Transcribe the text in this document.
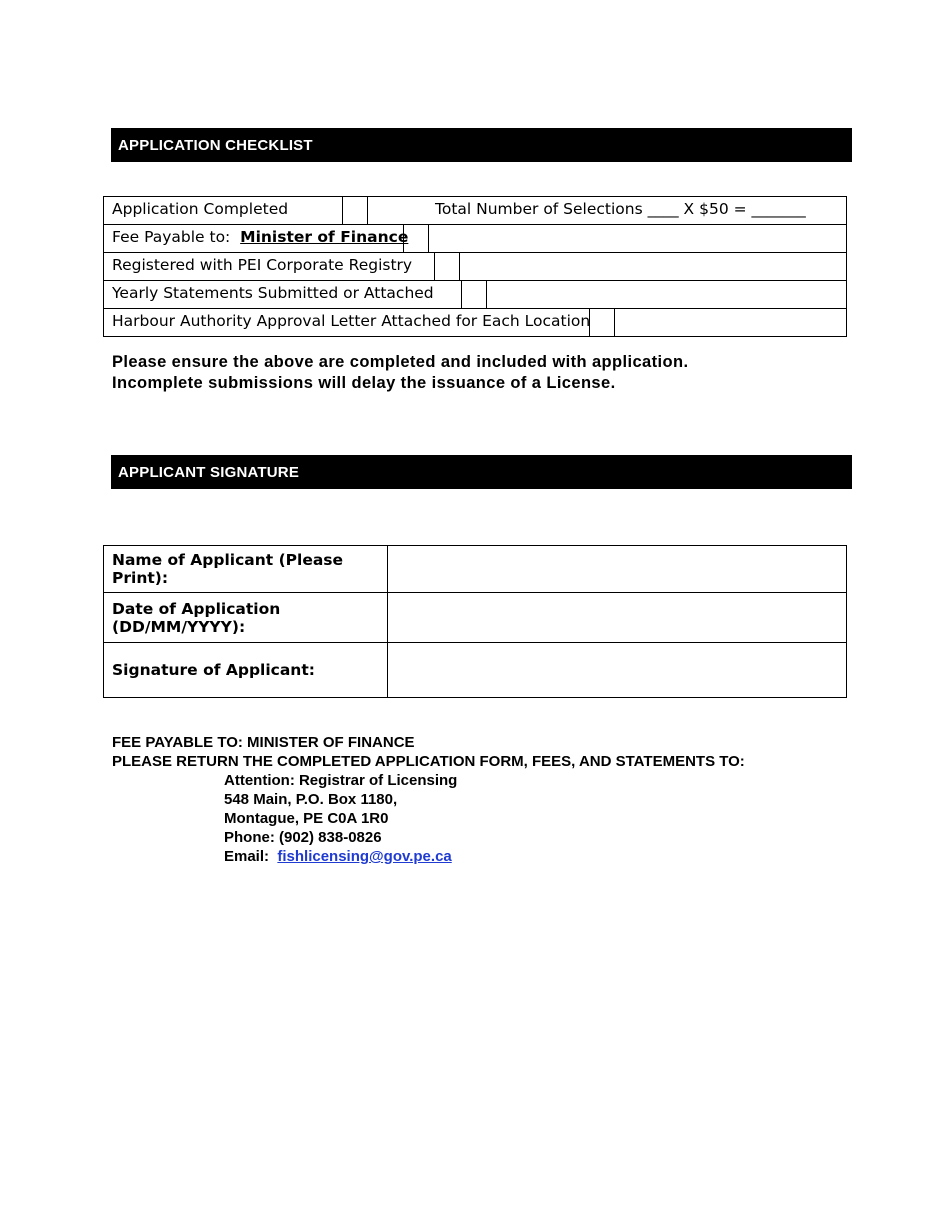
APPLICATION CHECKLIST
Application Completed	Total Number of Selections ____ X $50 = _______
Fee Payable to:  Minister of Finance
Registered with PEI Corporate Registry
Yearly Statements Submitted or Attached
Harbour Authority Approval Letter Attached for Each Location
Please ensure the above are completed and included with application.
Incomplete submissions will delay the issuance of a License.
APPLICANT SIGNATURE
Name of Applicant (Please Print):	
Date of Application (DD/MM/YYYY):	
Signature of Applicant:	
FEE PAYABLE TO: MINISTER OF FINANCE
PLEASE RETURN THE COMPLETED APPLICATION FORM, FEES, AND STATEMENTS TO:
Attention: Registrar of Licensing
548 Main, P.O. Box 1180,
Montague, PE C0A 1R0
Phone: (902) 838-0826
Email: fishlicensing@gov.pe.ca
